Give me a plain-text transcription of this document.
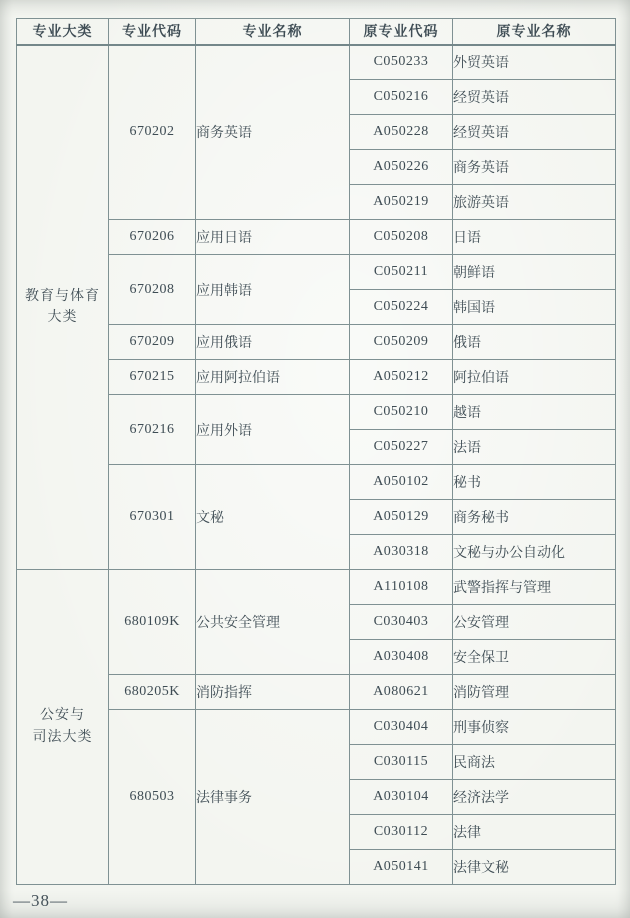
专业大类	专业代码	专业名称	原专业代码	原专业名称

教育与体育
大类	670202	商务英语	C050233	外贸英语
			C050216	经贸英语
			A050228	经贸英语
			A050226	商务英语
			A050219	旅游英语
	670206	应用日语	C050208	日语
	670208	应用韩语	C050211	朝鲜语
			C050224	韩国语
	670209	应用俄语	C050209	俄语
	670215	应用阿拉伯语	A050212	阿拉伯语
	670216	应用外语	C050210	越语
			C050227	法语
	670301	文秘	A050102	秘书
			A050129	商务秘书
			A030318	文秘与办公自动化

公安与
司法大类	680109K	公共安全管理	A110108	武警指挥与管理
			C030403	公安管理
			A030408	安全保卫
	680205K	消防指挥	A080621	消防管理
	680503	法律事务	C030404	刑事侦察
			C030115	民商法
			A030104	经济法学
			C030112	法律
			A050141	法律文秘
—38—
